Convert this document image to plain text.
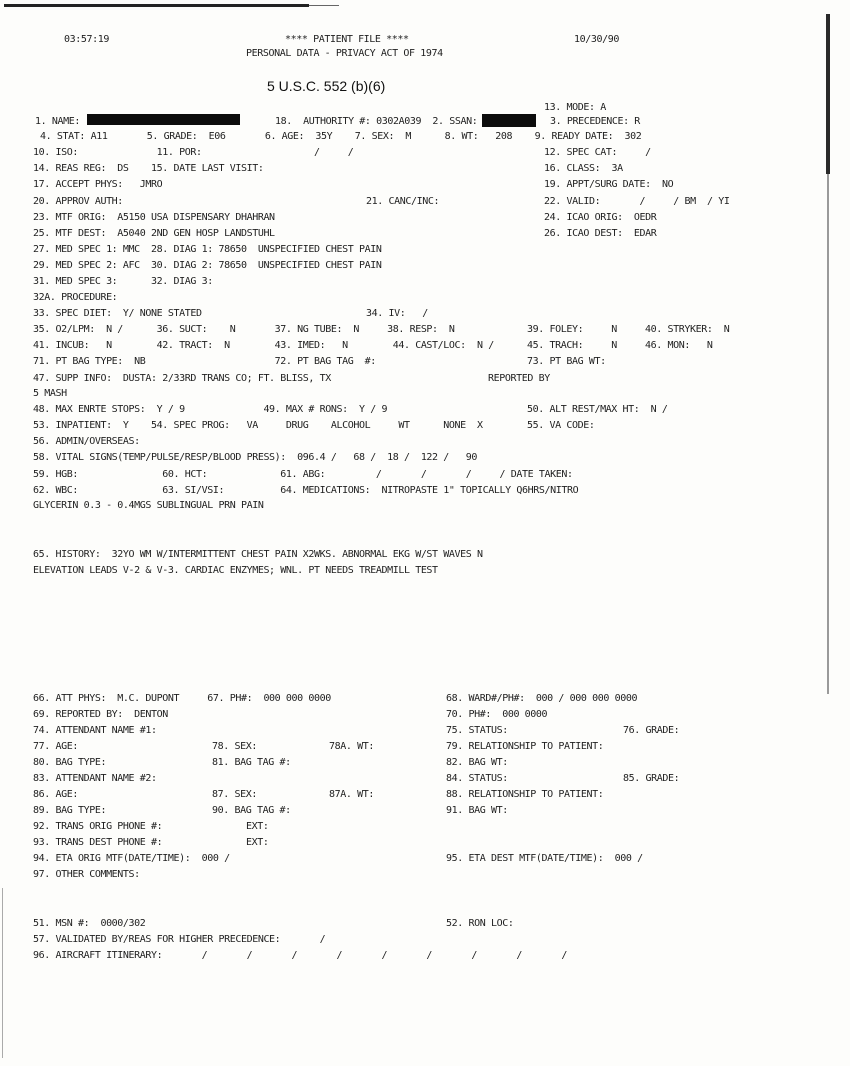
03:57:19	**** PATIENT FILE ****	10/30/90
PERSONAL DATA - PRIVACY ACT OF 1974
5 U.S.C. 552 (b)(6)
13. MODE: A
1. NAME:	18.  AUTHORITY #: 0302A039  2. SSAN:	3. PRECEDENCE: R
4. STAT: A11       5. GRADE:  E06       6. AGE:  35Y    7. SEX:  M      8. WT:   208    9. READY DATE:  302
10. ISO:              11. POR:                    /     /	12. SPEC CAT:     /
14. REAS REG:  DS    15. DATE LAST VISIT:	16. CLASS:  3A
17. ACCEPT PHYS:   JMRO	19. APPT/SURG DATE:  NO
20. APPROV AUTH:	21. CANC/INC:	22. VALID:       /     / BM  / YI
23. MTF ORIG:  A5150 USA DISPENSARY DHAHRAN	24. ICAO ORIG:  OEDR
25. MTF DEST:  A5040 2ND GEN HOSP LANDSTUHL	26. ICAO DEST:  EDAR
27. MED SPEC 1: MMC  28. DIAG 1: 78650  UNSPECIFIED CHEST PAIN
29. MED SPEC 2: AFC  30. DIAG 2: 78650  UNSPECIFIED CHEST PAIN
31. MED SPEC 3:      32. DIAG 3:
32A. PROCEDURE:
33. SPEC DIET:  Y/ NONE STATED	34. IV:   /
35. O2/LPM:  N /      36. SUCT:    N       37. NG TUBE:  N     38. RESP:  N	39. FOLEY:     N     40. STRYKER:  N
41. INCUB:   N        42. TRACT:  N        43. IMED:   N        44. CAST/LOC:  N /	45. TRACH:     N     46. MON:   N
71. PT BAG TYPE:  NB                       72. PT BAG TAG  #:	73. PT BAG WT:
47. SUPP INFO:  DUSTA: 2/33RD TRANS CO; FT. BLISS, TX	REPORTED BY
5 MASH
48. MAX ENRTE STOPS:  Y / 9              49. MAX # RONS:  Y / 9	50. ALT REST/MAX HT:  N /
53. INPATIENT:  Y    54. SPEC PROG:   VA     DRUG    ALCOHOL     WT      NONE  X	55. VA CODE:
56. ADMIN/OVERSEAS:
58. VITAL SIGNS(TEMP/PULSE/RESP/BLOOD PRESS):  096.4 /   68 /  18 /  122 /   90
59. HGB:               60. HCT:             61. ABG:         /       /       /     / DATE TAKEN:
62. WBC:               63. SI/VSI:          64. MEDICATIONS:  NITROPASTE 1" TOPICALLY Q6HRS/NITRO
GLYCERIN 0.3 - 0.4MGS SUBLINGUAL PRN PAIN
65. HISTORY:  32YO WM W/INTERMITTENT CHEST PAIN X2WKS. ABNORMAL EKG W/ST WAVES N
ELEVATION LEADS V-2 & V-3. CARDIAC ENZYMES; WNL. PT NEEDS TREADMILL TEST
66. ATT PHYS:  M.C. DUPONT     67. PH#:  000 000 0000	68. WARD#/PH#:  000 / 000 000 0000
69. REPORTED BY:  DENTON	70. PH#:  000 0000
74. ATTENDANT NAME #1:	75. STATUS:	76. GRADE:
77. AGE:	78. SEX:	78A. WT:	79. RELATIONSHIP TO PATIENT:
80. BAG TYPE:	81. BAG TAG #:	82. BAG WT:
83. ATTENDANT NAME #2:	84. STATUS:	85. GRADE:
86. AGE:	87. SEX:	87A. WT:	88. RELATIONSHIP TO PATIENT:
89. BAG TYPE:	90. BAG TAG #:	91. BAG WT:
92. TRANS ORIG PHONE #:	EXT:
93. TRANS DEST PHONE #:	EXT:
94. ETA ORIG MTF(DATE/TIME):  000 /	95. ETA DEST MTF(DATE/TIME):  000 /
97. OTHER COMMENTS:
51. MSN #:  0000/302	52. RON LOC:
57. VALIDATED BY/REAS FOR HIGHER PRECEDENCE:       /
96. AIRCRAFT ITINERARY:       /       /       /       /       /       /       /       /       /
